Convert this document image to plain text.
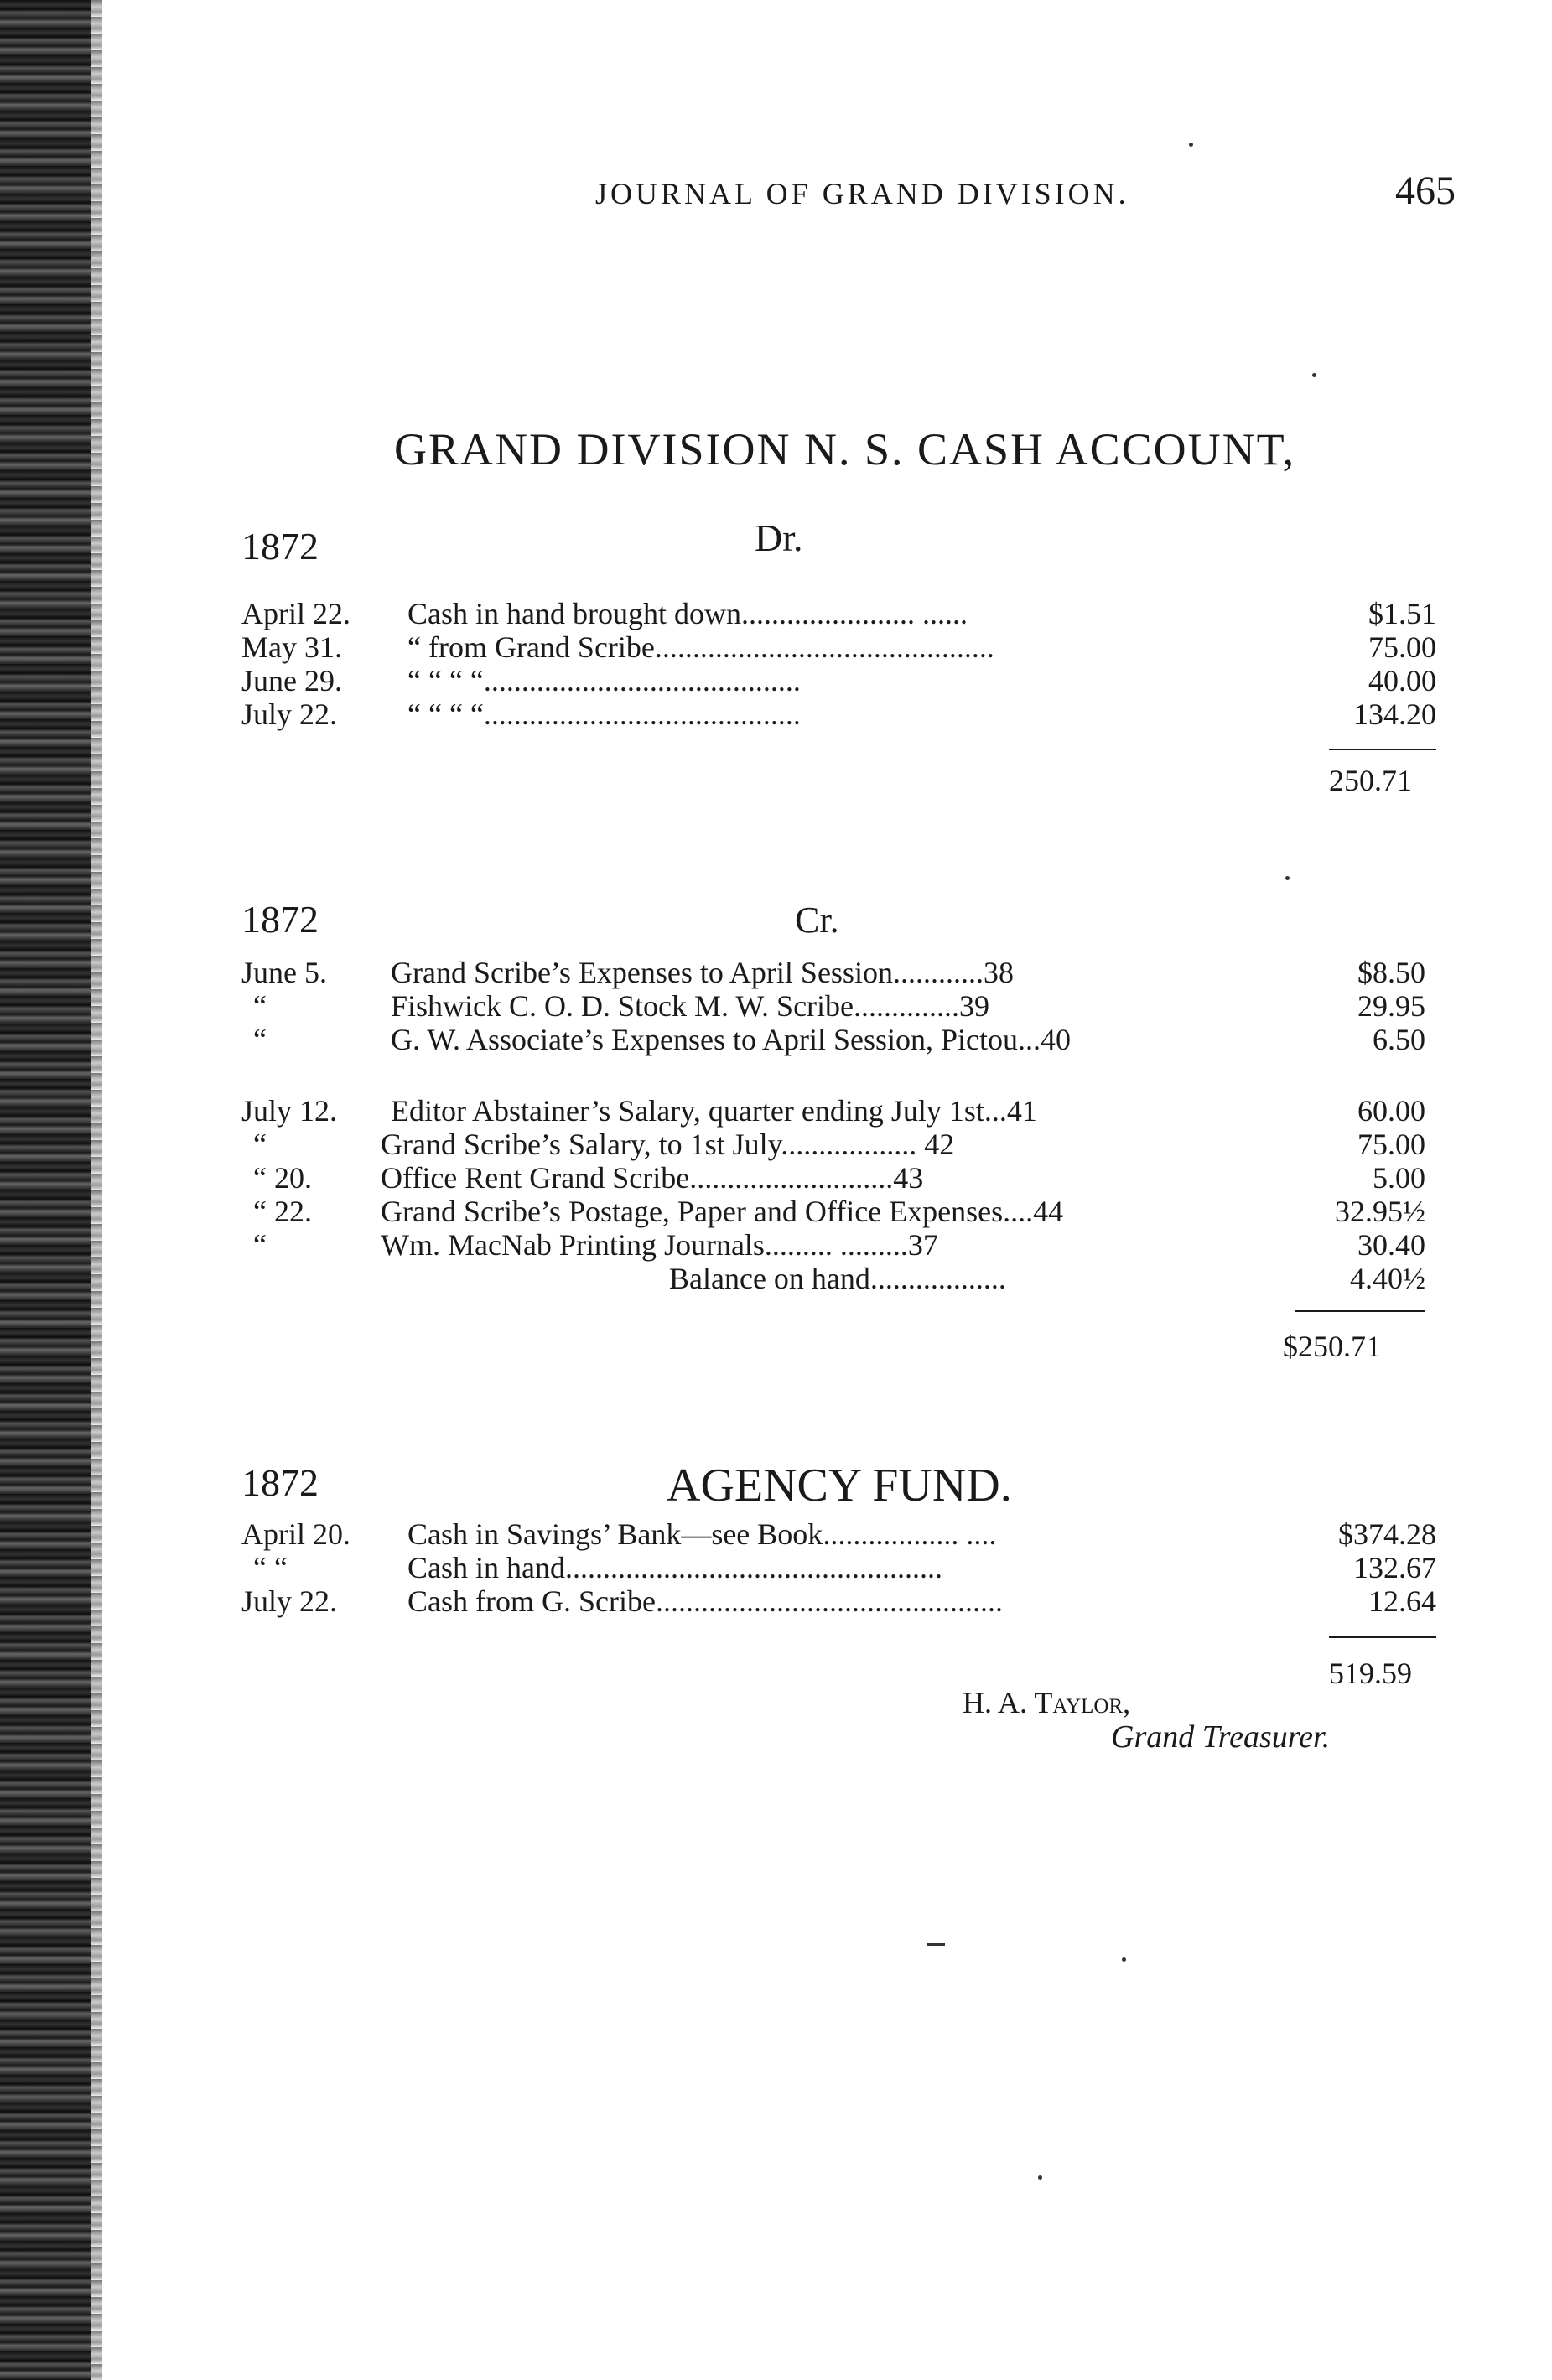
JOURNAL OF GRAND DIVISION.	465
GRAND DIVISION N. S. CASH ACCOUNT,
1872	Dr.
April 22. Cash in hand brought down....................... ......	$1.51
May 31. “ from Grand Scribe.............................................	75.00
June 29. “ “ “ “..........................................	40.00
July 22. “ “ “ “..........................................	134.20
250.71
1872	Cr.
June 5. Grand Scribe’s Expenses to April Session............38	$8.50
“	Fishwick C. O. D. Stock M. W. Scribe..............39	29.95
“	G. W. Associate’s Expenses to April Session, Pictou...40	6.50
July 12. Editor Abstainer’s Salary, quarter ending July 1st...41	60.00
“	Grand Scribe’s Salary, to 1st July.................. 42	75.00
“ 20. Office Rent Grand Scribe...........................43	5.00
“ 22. Grand Scribe’s Postage, Paper and Office Expenses....44	32.95½
“	Wm. MacNab Printing Journals......... .........37	30.40
Balance on hand..................	4.40½
$250.71
1872	AGENCY FUND.
April 20. Cash in Savings’ Bank—see Book.................. ....	$374.28
“ “	Cash in hand..................................................	132.67
July 22. Cash from G. Scribe..............................................	12.64
519.59
H. A. Taylor,
Grand Treasurer.
